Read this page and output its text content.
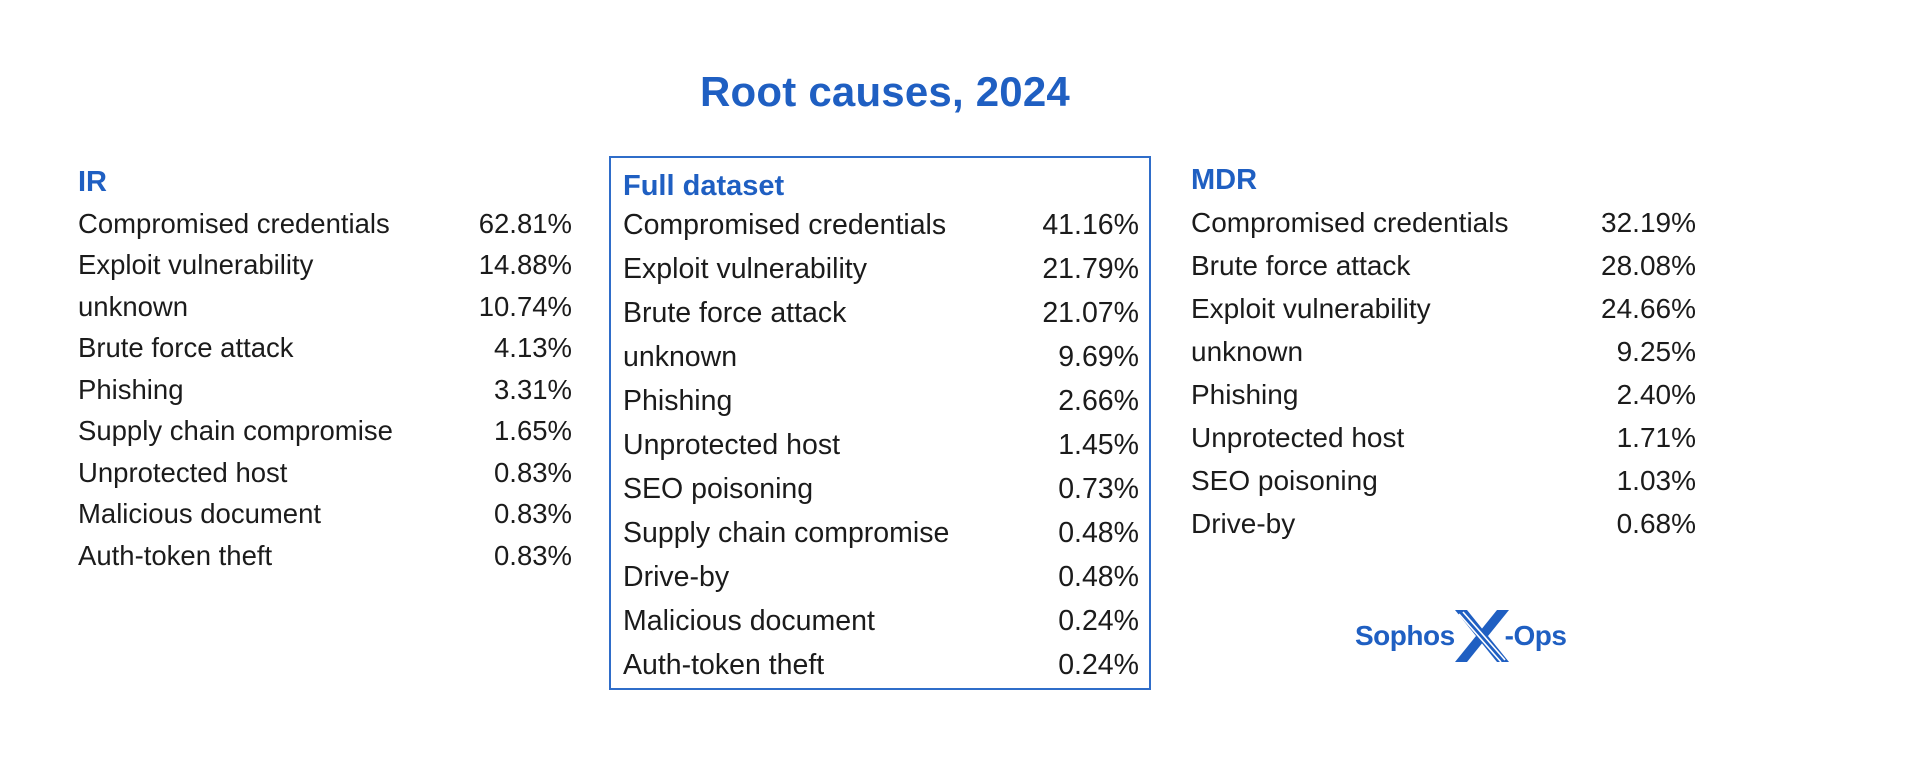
Root causes, 2024
IR
Compromised credentials	62.81%
Exploit vulnerability	14.88%
unknown	10.74%
Brute force attack	4.13%
Phishing	3.31%
Supply chain compromise	1.65%
Unprotected host	0.83%
Malicious document	0.83%
Auth-token theft	0.83%
Full dataset
Compromised credentials	41.16%
Exploit vulnerability	21.79%
Brute force attack	21.07%
unknown	9.69%
Phishing	2.66%
Unprotected host	1.45%
SEO poisoning	0.73%
Supply chain compromise	0.48%
Drive-by	0.48%
Malicious document	0.24%
Auth-token theft	0.24%
MDR
Compromised credentials	32.19%
Brute force attack	28.08%
Exploit vulnerability	24.66%
unknown	9.25%
Phishing	2.40%
Unprotected host	1.71%
SEO poisoning	1.03%
Drive-by	0.68%
Sophos -Ops
